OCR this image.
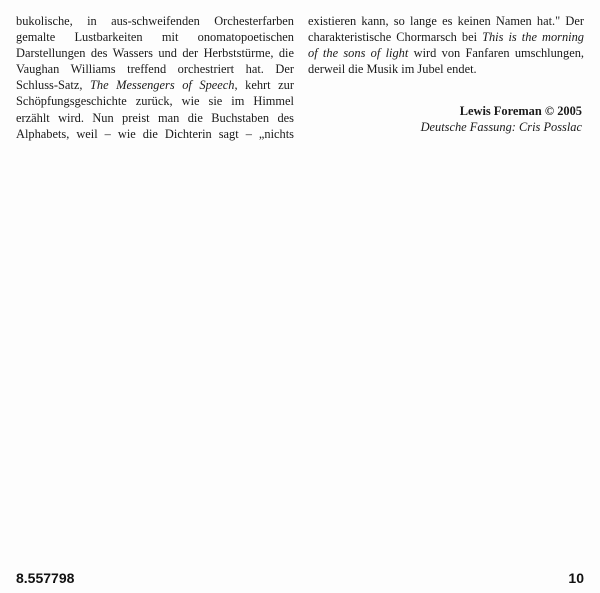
bukolische, in aus-schweifenden Orchesterfarben
gemalte Lustbarkeiten mit onomatopoetischen
Darstellungen des Wassers und der Herbststürme, die
Vaughan Williams treffend orchestriert hat. Der
Schluss-Satz, The Messengers of Speech, kehrt zur
Schöpfungsgeschichte zurück, wie sie im Himmel
erzählt wird. Nun preist man die Buchstaben des
Alphabets, weil – wie die Dichterin sagt – „nichts
existieren kann, so lange es keinen Namen hat." Der
charakteristische Chormarsch bei This is the morning
of the sons of light wird von Fanfaren umschlungen,
derweil die Musik im Jubel endet.
Lewis Foreman © 2005
Deutsche Fassung: Cris Posslac
8.557798	10
